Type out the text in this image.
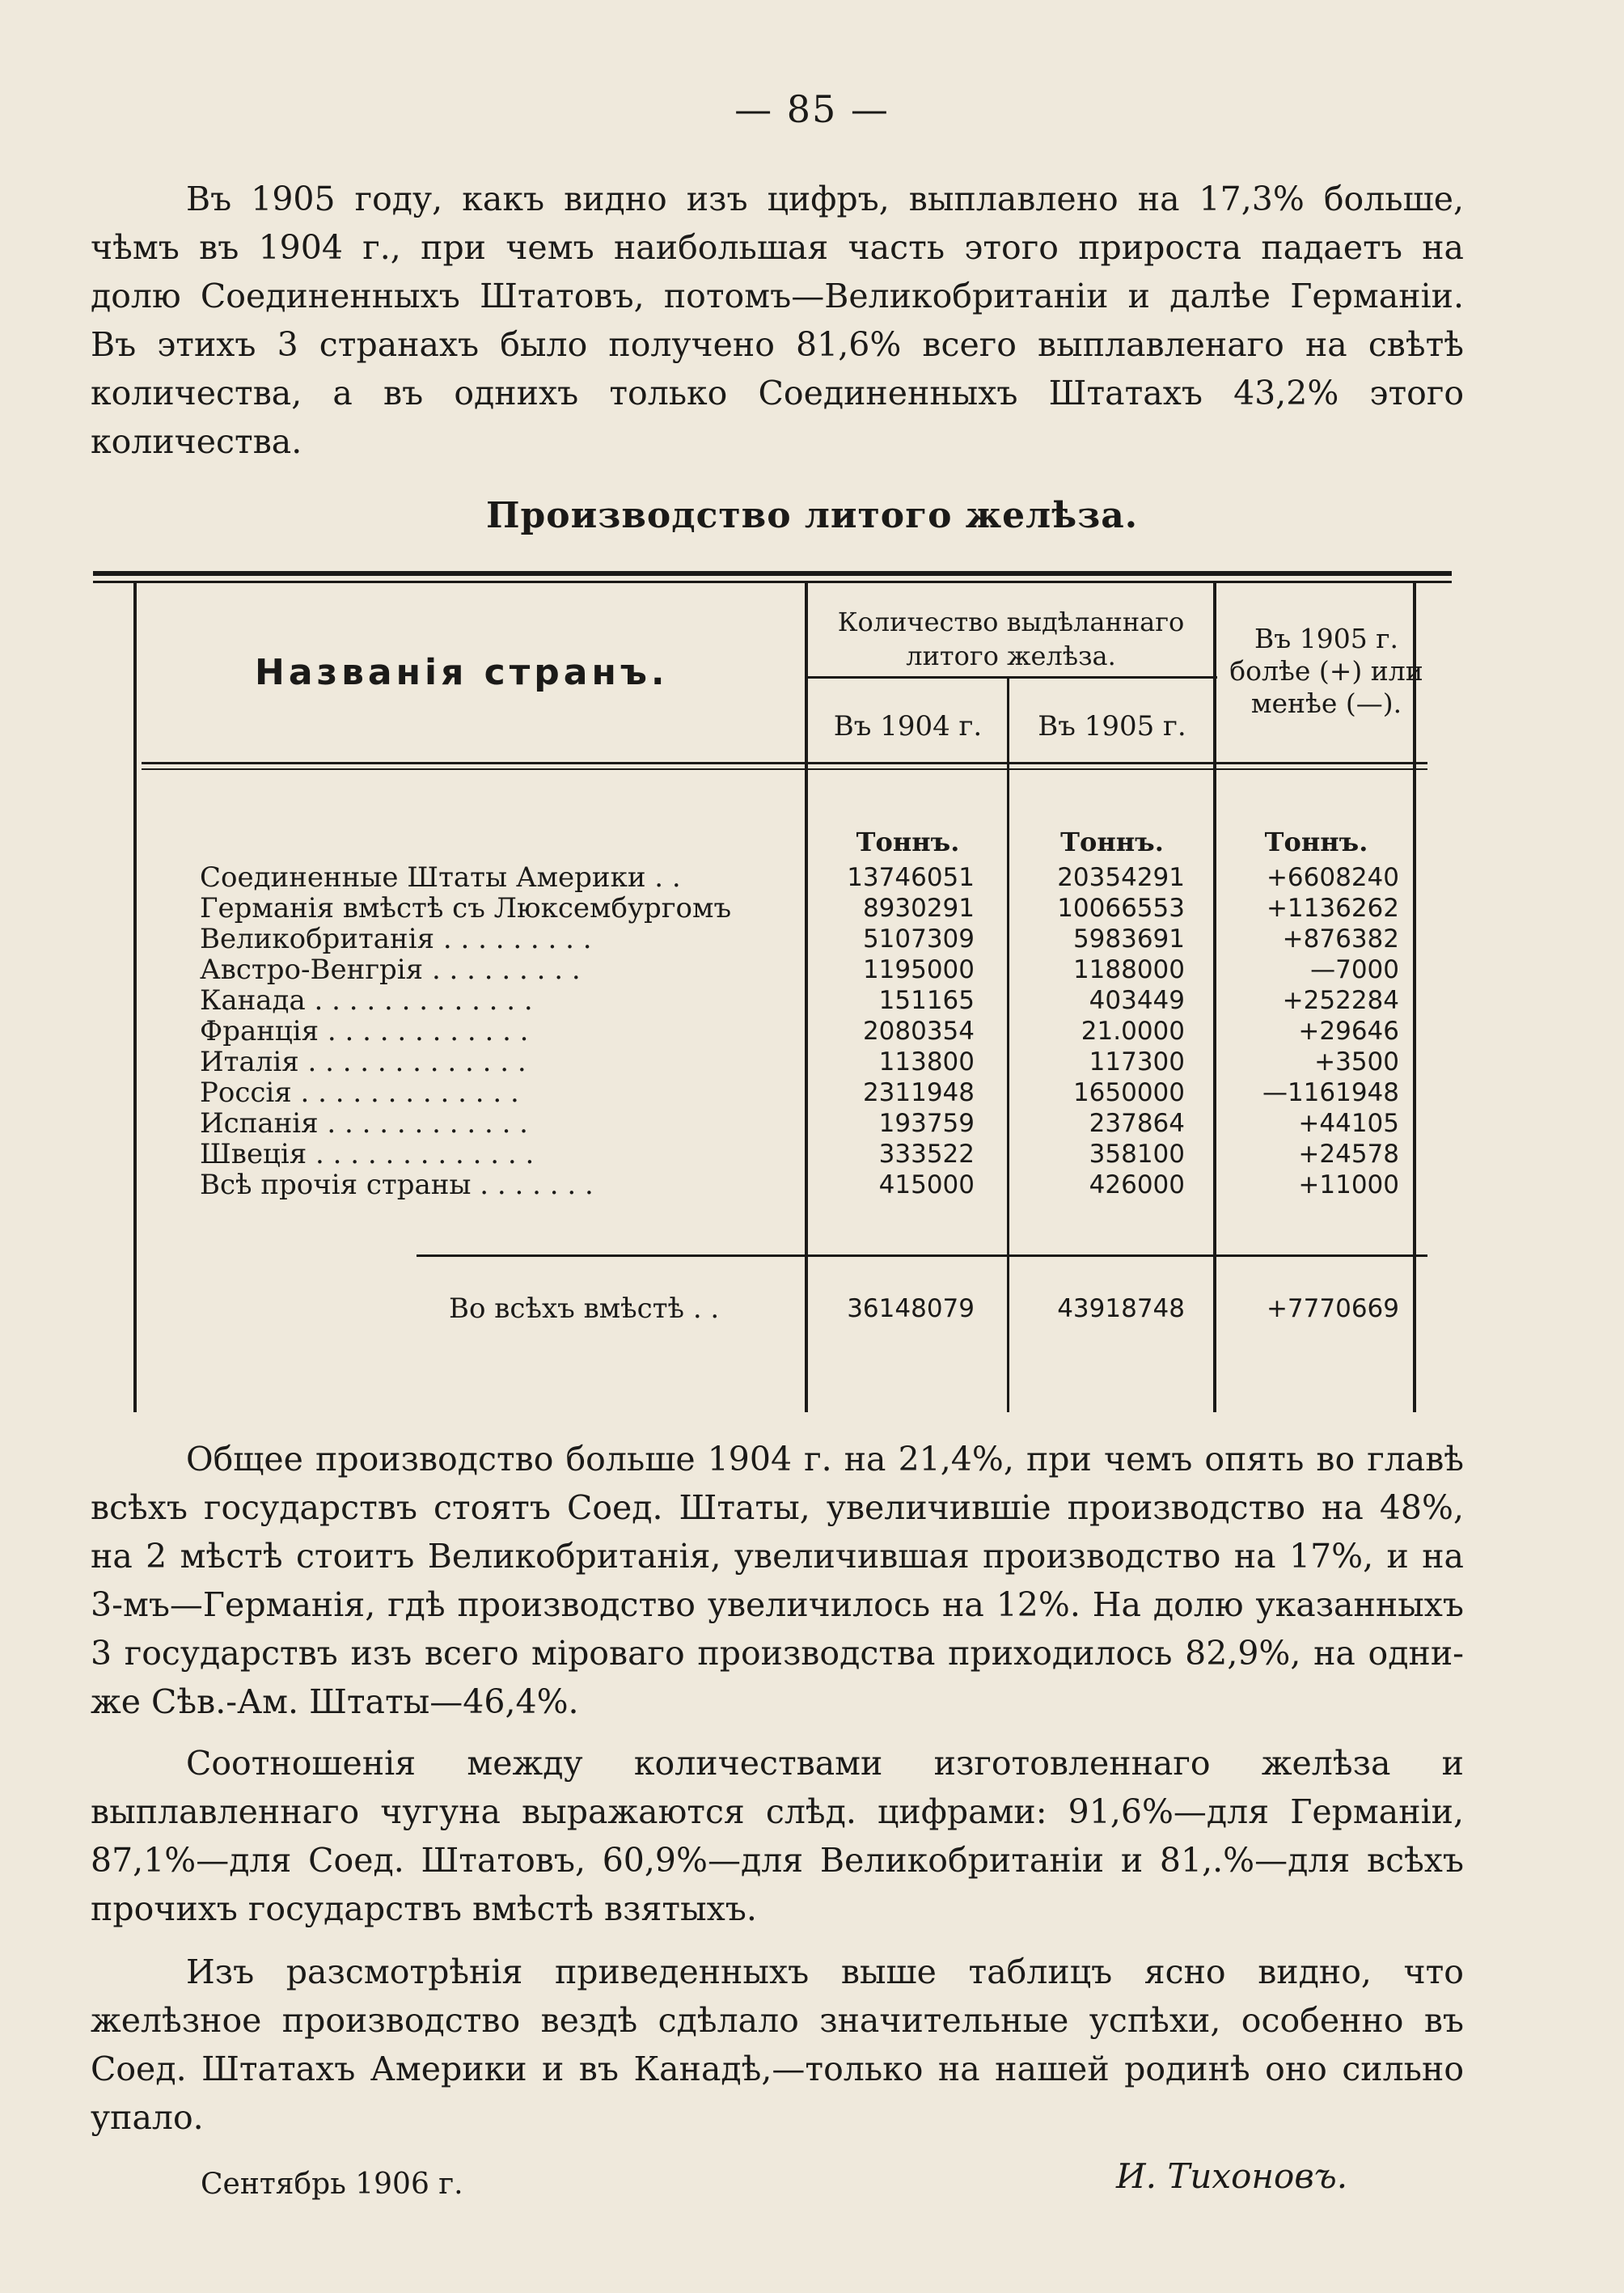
— 85 —

Въ 1905 году, какъ видно изъ цифръ, выплавлено на 17,3% больше, чѣмъ въ 1904 г., при чемъ наибольшая часть этого прироста падаетъ на долю Соединенныхъ Штатовъ, потомъ—Великобританіи и далѣе Германіи. Въ этихъ 3 странахъ было получено 81,6% всего выплавленаго на свѣтѣ количества, а въ однихъ только Соединенныхъ Штатахъ 43,2% этого количества.

Производство литого желѣза.
Названія странъ.
Количество выдѣланнаго литого желѣза.
Въ 1904 г.	Въ 1905 г.
Въ 1905 г. болѣе (+) или менѣе (—).
Тоннъ.	Тоннъ.	Тоннъ.
Соединенные Штаты Америки . .	13746051	20354291	+6608240
Германія вмѣстѣ съ Люксембургомъ	8930291	10066553	+1136262
Великобританія . . . . . . . . .	5107309	5983691	+876382
Австро-Венгрія . . . . . . . . .	1195000	1188000	—7000
Канада . . . . . . . . . . . . .	151165	403449	+252284
Франція . . . . . . . . . . . .	2080354	21.0000	+29646
Италія . . . . . . . . . . . . .	113800	117300	+3500
Россія . . . . . . . . . . . . .	2311948	1650000	—1161948
Испанія . . . . . . . . . . . .	193759	237864	+44105
Швеція . . . . . . . . . . . . .	333522	358100	+24578
Всѣ прочія страны . . . . . . .	415000	426000	+11000
Во всѣхъ вмѣстѣ . .	36148079	43918748	+7770669

Общее производство больше 1904 г. на 21,4%, при чемъ опять во главѣ всѣхъ государствъ стоятъ Соед. Штаты, увеличившіе производство на 48%, на 2 мѣстѣ стоитъ Великобританія, увеличившая производство на 17%, и на 3-мъ—Германія, гдѣ производство увеличилось на 12%. На долю указанныхъ 3 государствъ изъ всего міроваго производства приходилось 82,9%, на одни-же Сѣв.-Ам. Штаты—46,4%.

Соотношенія между количествами изготовленнаго желѣза и выплавленнаго чугуна выражаются слѣд. цифрами: 91,6%—для Германіи, 87,1%—для Соед. Штатовъ, 60,9%—для Великобританіи и 81,.%—для всѣхъ прочихъ государствъ вмѣстѣ взятыхъ.

Изъ разсмотрѣнія приведенныхъ выше таблицъ ясно видно, что желѣзное производство вездѣ сдѣлало значительные успѣхи, особенно въ Соед. Штатахъ Америки и въ Канадѣ,—только на нашей родинѣ оно сильно упало.

Сентябрь 1906 г.	И. Тихоновъ.
